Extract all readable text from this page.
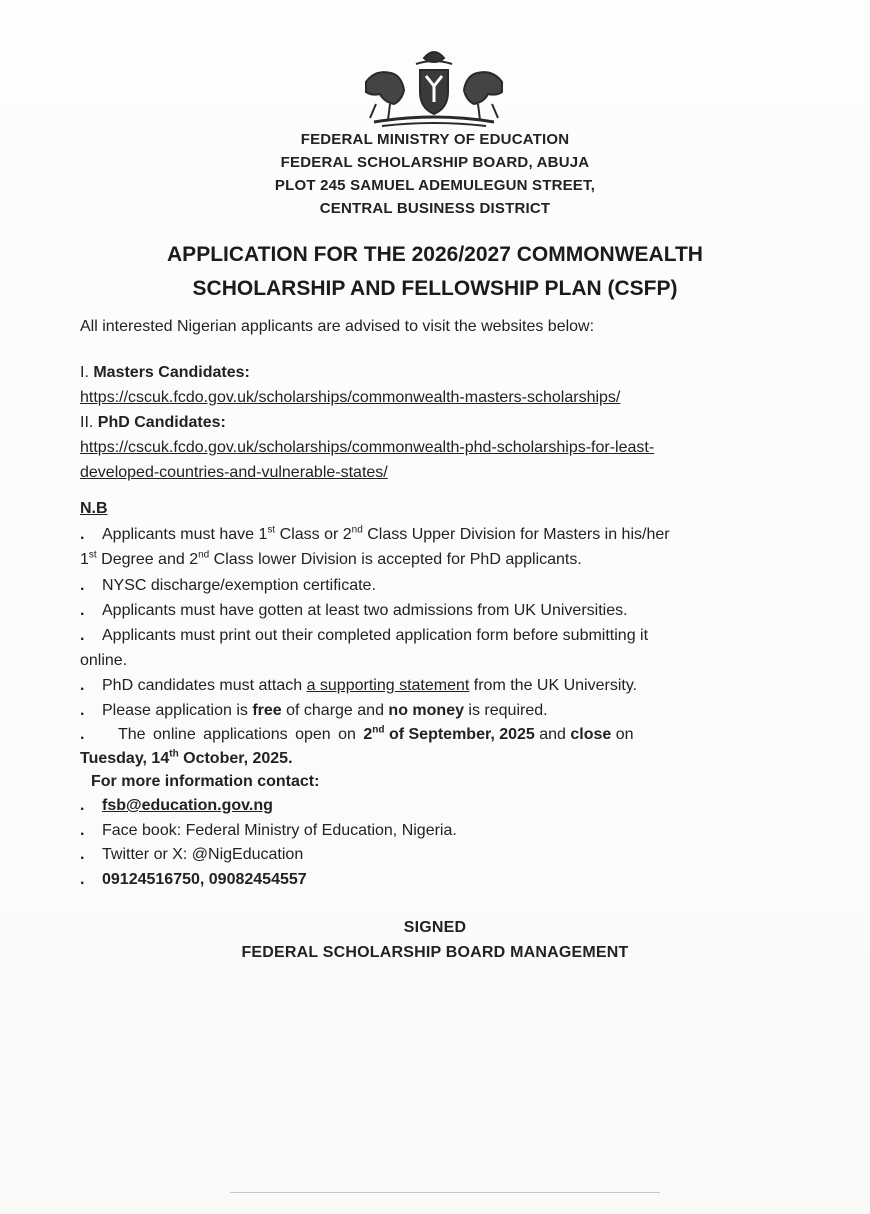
FEDERAL MINISTRY OF EDUCATION
FEDERAL SCHOLARSHIP BOARD, ABUJA
PLOT 245 SAMUEL ADEMULEGUN STREET,
CENTRAL BUSINESS DISTRICT
APPLICATION FOR THE 2026/2027 COMMONWEALTH
SCHOLARSHIP AND FELLOWSHIP PLAN (CSFP)
All interested Nigerian applicants are advised to visit the websites below:
I. Masters Candidates:
https://cscuk.fcdo.gov.uk/scholarships/commonwealth-masters-scholarships/
II. PhD Candidates:
https://cscuk.fcdo.gov.uk/scholarships/commonwealth-phd-scholarships-for-least-
developed-countries-and-vulnerable-states/
N.B
. Applicants must have 1st Class or 2nd Class Upper Division for Masters in his/her
1st Degree and 2nd Class lower Division is accepted for PhD applicants.
. NYSC discharge/exemption certificate.
. Applicants must have gotten at least two admissions from UK Universities.
. Applicants must print out their completed application form before submitting it
online.
. PhD candidates must attach a supporting statement from the UK University.
. Please application is free of charge and no money is required.
. The online applications open on 2nd of September, 2025 and close on
Tuesday, 14th October, 2025.
For more information contact:
. fsb@education.gov.ng
. Face book: Federal Ministry of Education, Nigeria.
. Twitter or X: @NigEducation
. 09124516750, 09082454557
SIGNED
FEDERAL SCHOLARSHIP BOARD MANAGEMENT
